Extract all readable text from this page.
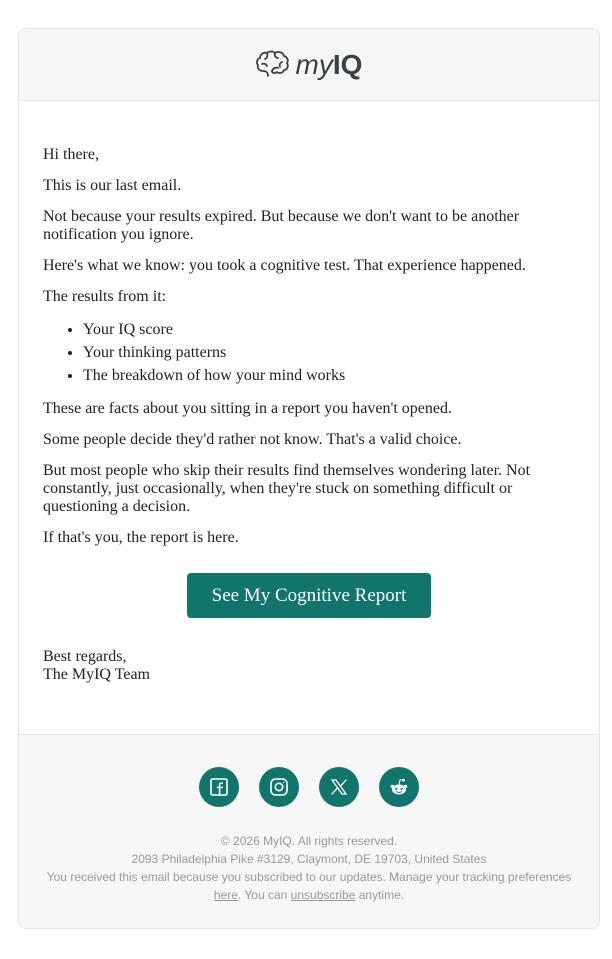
myIQ

Hi there,

This is our last email.

Not because your results expired. But because we don't want to be another notification you ignore.

Here's what we know: you took a cognitive test. That experience happened.

The results from it:

• Your IQ score
• Your thinking patterns
• The breakdown of how your mind works

These are facts about you sitting in a report you haven't opened.

Some people decide they'd rather not know. That's a valid choice.

But most people who skip their results find themselves wondering later. Not constantly, just occasionally, when they're stuck on something difficult or questioning a decision.

If that's you, the report is here.

See My Cognitive Report
Best regards,
The MyIQ Team
© 2026 MyIQ. All rights reserved.
2093 Philadelphia Pike #3129, Claymont, DE 19703, United States
You received this email because you subscribed to our updates. Manage your tracking preferences
here. You can unsubscribe anytime.
